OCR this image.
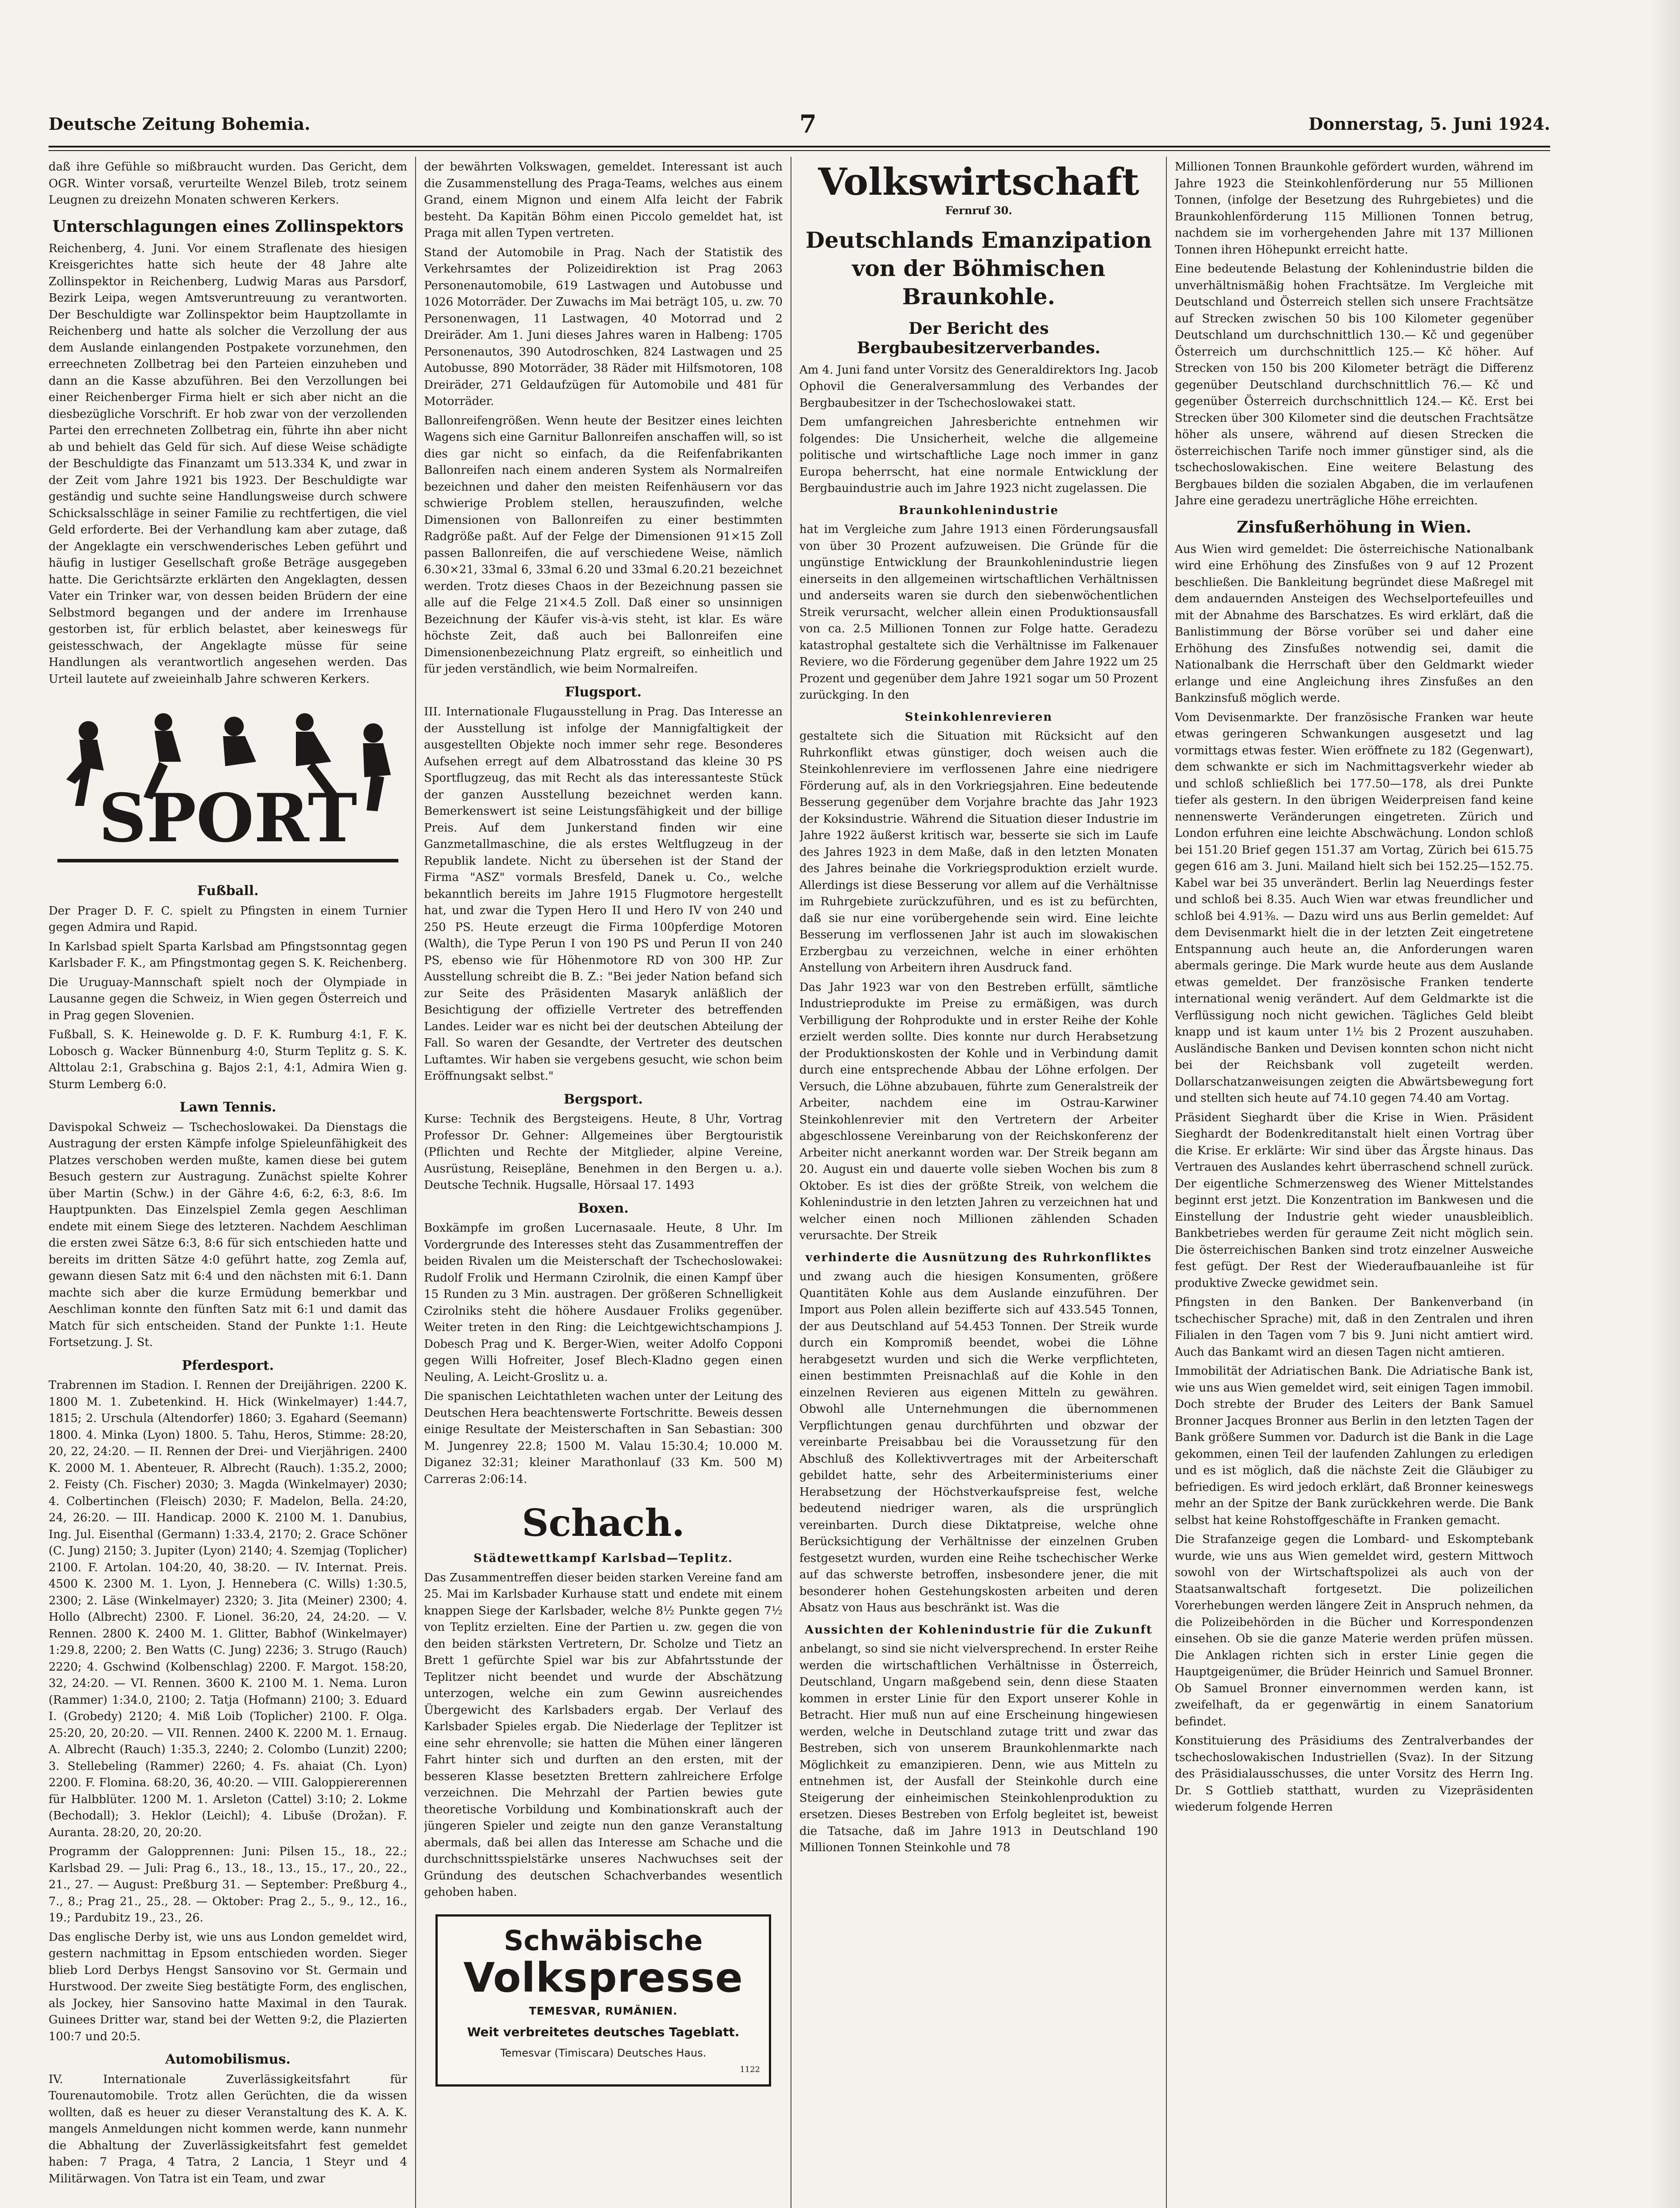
Deutsche Zeitung Bohemia.	7	Donnerstag, 5. Juni 1924.

daß ihre Gefühle so mißbraucht wurden. Das Gericht, dem OGR. Winter vorsaß, verurteilte Wenzel Bileb, trotz seinem Leugnen zu dreizehn Monaten schweren Kerkers.

Unterschlagungen eines Zollinspektors

Reichenberg, 4. Juni. Vor einem Straflenate des hiesigen Kreisgerichtes hatte sich heute der 48 Jahre alte Zollinspektor in Reichenberg, Ludwig Maras aus Parsdorf, Bezirk Leipa, wegen Amtsveruntreuung zu verantworten. Der Beschuldigte war Zollinspektor beim Hauptzollamte in Reichenberg und hatte als solcher die Verzollung der aus dem Auslande einlangenden Postpakete vorzunehmen, den erreechneten Zollbetrag bei den Parteien einzuheben und dann an die Kasse abzuführen. Bei den Verzollungen bei einer Reichenberger Firma hielt er sich aber nicht an die diesbezügliche Vorschrift. Er hob zwar von der verzollenden Partei den errechneten Zollbetrag ein, führte ihn aber nicht ab und behielt das Geld für sich. Auf diese Weise schädigte der Beschuldigte das Finanzamt um 513.334 K, und zwar in der Zeit vom Jahre 1921 bis 1923. Der Beschuldigte war geständig und suchte seine Handlungsweise durch schwere Schicksalsschläge in seiner Familie zu rechtfertigen, die viel Geld erforderte. Bei der Verhandlung kam aber zutage, daß der Angeklagte ein verschwenderisches Leben geführt und häufig in lustiger Gesellschaft große Beträge ausgegeben hatte. Die Gerichtsärzte erklärten den Angeklagten, dessen Vater ein Trinker war, von dessen beiden Brüdern der eine Selbstmord begangen und der andere im Irrenhause gestorben ist, für erblich belastet, aber keineswegs für geistesschwach, der Angeklagte müsse für seine Handlungen als verantwortlich angesehen werden. Das Urteil lautete auf zweieinhalb Jahre schweren Kerkers.

SPORT
Fußball.

Der Prager D. F. C. spielt zu Pfingsten in einem Turnier gegen Admira und Rapid.

In Karlsbad spielt Sparta Karlsbad am Pfingstsonntag gegen Karlsbader F. K., am Pfingstmontag gegen S. K. Reichenberg.

Die Uruguay-Mannschaft spielt noch der Olympiade in Lausanne gegen die Schweiz, in Wien gegen Österreich und in Prag gegen Slovenien.

Fußball, S. K. Heinewolde g. D. F. K. Rumburg 4:1, F. K. Lobosch g. Wacker Bünnenburg 4:0, Sturm Teplitz g. S. K. Alttolau 2:1, Grabschina g. Bajos 2:1, 4:1, Admira Wien g. Sturm Lemberg 6:0.

Lawn Tennis.

Davispokal Schweiz — Tschechoslowakei. Da Dienstags die Austragung der ersten Kämpfe infolge Spieleunfähigkeit des Platzes verschoben werden mußte, kamen diese bei gutem Besuch gestern zur Austragung. Zunächst spielte Kohrer über Martin (Schw.) in der Gähre 4:6, 6:2, 6:3, 8:6. Im Hauptpunkten. Das Einzelspiel Zemla gegen Aeschliman endete mit einem Siege des letzteren. Nachdem Aeschliman die ersten zwei Sätze 6:3, 8:6 für sich entschieden hatte und bereits im dritten Sätze 4:0 geführt hatte, zog Zemla auf, gewann diesen Satz mit 6:4 und den nächsten mit 6:1. Dann machte sich aber die kurze Ermüdung bemerkbar und Aeschliman konnte den fünften Satz mit 6:1 und damit das Match für sich entscheiden. Stand der Punkte 1:1. Heute Fortsetzung. J. St.

Pferdesport.

Trabrennen im Stadion. I. Rennen der Dreijährigen. 2200 K. 1800 M. 1. Zubetenkind. H. Hick (Winkelmayer) 1:44.7, 1815; 2. Urschula (Altendorfer) 1860; 3. Egahard (Seemann) 1800. 4. Minka (Lyon) 1800. 5. Tahu, Heros, Stimme: 28:20, 20, 22, 24:20. — II. Rennen der Drei- und Vierjährigen. 2400 K. 2000 M. 1. Abenteuer, R. Albrecht (Rauch). 1:35.2, 2000; 2. Feisty (Ch. Fischer) 2030; 3. Magda (Winkelmayer) 2030; 4. Colbertinchen (Fleisch) 2030; F. Madelon, Bella. 24:20, 24, 26:20. — III. Handicap. 2000 K. 2100 M. 1. Danubius, Ing. Jul. Eisenthal (Germann) 1:33.4, 2170; 2. Grace Schöner (C. Jung) 2150; 3. Jupiter (Lyon) 2140; 4. Szemjag (Toplicher) 2100. F. Artolan. 104:20, 40, 38:20. — IV. Internat. Preis. 4500 K. 2300 M. 1. Lyon, J. Hennebera (C. Wills) 1:30.5, 2300; 2. Läse (Winkelmayer) 2320; 3. Jita (Meiner) 2300; 4. Hollo (Albrecht) 2300. F. Lionel. 36:20, 24, 24:20. — V. Rennen. 2800 K. 2400 M. 1. Glitter, Babhof (Winkelmayer) 1:29.8, 2200; 2. Ben Watts (C. Jung) 2236; 3. Strugo (Rauch) 2220; 4. Gschwind (Kolbenschlag) 2200. F. Margot. 158:20, 32, 24:20. — VI. Rennen. 3600 K. 2100 M. 1. Nema. Luron (Rammer) 1:34.0, 2100; 2. Tatja (Hofmann) 2100; 3. Eduard I. (Grobedy) 2120; 4. Miß Loib (Toplicher) 2100. F. Olga. 25:20, 20, 20:20. — VII. Rennen. 2400 K. 2200 M. 1. Ernaug. A. Albrecht (Rauch) 1:35.3, 2240; 2. Colombo (Lunzit) 2200; 3. Stellebeling (Rammer) 2260; 4. Fs. ahaiat (Ch. Lyon) 2200. F. Flomina. 68:20, 36, 40:20. — VIII. Galoppiererennen für Halbblüter. 1200 M. 1. Arsleton (Cattel) 3:10; 2. Lokme (Bechodall); 3. Heklor (Leichl); 4. Libuše (Drožan). F. Auranta. 28:20, 20, 20:20.

Programm der Galopprennen: Juni: Pilsen 15., 18., 22.; Karlsbad 29. — Juli: Prag 6., 13., 18., 13., 15., 17., 20., 22., 21., 27. — August: Preßburg 31. — September: Preßburg 4., 7., 8.; Prag 21., 25., 28. — Oktober: Prag 2., 5., 9., 12., 16., 19.; Pardubitz 19., 23., 26.

Das englische Derby ist, wie uns aus London gemeldet wird, gestern nachmittag in Epsom entschieden worden. Sieger blieb Lord Derbys Hengst Sansovino vor St. Germain und Hurstwood. Der zweite Sieg bestätigte Form, des englischen, als Jockey, hier Sansovino hatte Maximal in den Taurak. Guinees Dritter war, stand bei der Wetten 9:2, die Plazierten 100:7 und 20:5.

Automobilismus.

IV. Internationale Zuverlässigkeitsfahrt für Tourenautomobile. Trotz allen Gerüchten, die da wissen wollten, daß es heuer zu dieser Veranstaltung des K. A. K. mangels Anmeldungen nicht kommen werde, kann nunmehr die Abhaltung der Zuverlässigkeitsfahrt fest gemeldet haben: 7 Praga, 4 Tatra, 2 Lancia, 1 Steyr und 4 Militärwagen. Von Tatra ist ein Team, und zwar

der bewährten Volkswagen, gemeldet. Interessant ist auch die Zusammenstellung des Praga-Teams, welches aus einem Grand, einem Mignon und einem Alfa leicht der Fabrik besteht. Da Kapitän Böhm einen Piccolo gemeldet hat, ist Praga mit allen Typen vertreten.

Stand der Automobile in Prag. Nach der Statistik des Verkehrsamtes der Polizeidirektion ist Prag 2063 Personenautomobile, 619 Lastwagen und Autobusse und 1026 Motorräder. Der Zuwachs im Mai beträgt 105, u. zw. 70 Personenwagen, 11 Lastwagen, 40 Motorrad und 2 Dreiräder. Am 1. Juni dieses Jahres waren in Halbeng: 1705 Personenautos, 390 Autodroschken, 824 Lastwagen und 25 Autobusse, 890 Motorräder, 38 Räder mit Hilfsmotoren, 108 Dreiräder, 271 Geldaufzügen für Automobile und 481 für Motorräder.

Ballonreifengrößen. Wenn heute der Besitzer eines leichten Wagens sich eine Garnitur Ballonreifen anschaffen will, so ist dies gar nicht so einfach, da die Reifenfabrikanten Ballonreifen nach einem anderen System als Normalreifen bezeichnen und daher den meisten Reifenhäusern vor das schwierige Problem stellen, herauszufinden, welche Dimensionen von Ballonreifen zu einer bestimmten Radgröße paßt. Auf der Felge der Dimensionen 91×15 Zoll passen Ballonreifen, die auf verschiedene Weise, nämlich 6.30×21, 33mal 6, 33mal 6.20 und 33mal 6.20.21 bezeichnet werden. Trotz dieses Chaos in der Bezeichnung passen sie alle auf die Felge 21×4.5 Zoll. Daß einer so unsinnigen Bezeichnung der Käufer vis-à-vis steht, ist klar. Es wäre höchste Zeit, daß auch bei Ballonreifen eine Dimensionenbezeichnung Platz ergreift, so einheitlich und für jeden verständlich, wie beim Normalreifen.

Flugsport.

III. Internationale Flugausstellung in Prag. Das Interesse an der Ausstellung ist infolge der Mannigfaltigkeit der ausgestellten Objekte noch immer sehr rege. Besonderes Aufsehen erregt auf dem Albatrosstand das kleine 30 PS Sportflugzeug, das mit Recht als das interessanteste Stück der ganzen Ausstellung bezeichnet werden kann. Bemerkenswert ist seine Leistungsfähigkeit und der billige Preis. Auf dem Junkerstand finden wir eine Ganzmetallmaschine, die als erstes Weltflugzeug in der Republik landete. Nicht zu übersehen ist der Stand der Firma "ASZ" vormals Bresfeld, Danek u. Co., welche bekanntlich bereits im Jahre 1915 Flugmotore hergestellt hat, und zwar die Typen Hero II und Hero IV von 240 und 250 PS. Heute erzeugt die Firma 100pferdige Motoren (Walth), die Type Perun I von 190 PS und Perun II von 240 PS, ebenso wie für Höhenmotore RD von 300 HP. Zur Ausstellung schreibt die B. Z.: "Bei jeder Nation befand sich zur Seite des Präsidenten Masaryk anläßlich der Besichtigung der offizielle Vertreter des betreffenden Landes. Leider war es nicht bei der deutschen Abteilung der Fall. So waren der Gesandte, der Vertreter des deutschen Luftamtes. Wir haben sie vergebens gesucht, wie schon beim Eröffnungsakt selbst."

Bergsport.

Kurse: Technik des Bergsteigens. Heute, 8 Uhr, Vortrag Professor Dr. Gehner: Allgemeines über Bergtouristik (Pflichten und Rechte der Mitglieder, alpine Vereine, Ausrüstung, Reisepläne, Benehmen in den Bergen u. a.). Deutsche Technik. Hugsalle, Hörsaal 17. 1493

Boxen.

Boxkämpfe im großen Lucernasaale. Heute, 8 Uhr. Im Vordergrunde des Interesses steht das Zusammentreffen der beiden Rivalen um die Meisterschaft der Tschechoslowakei: Rudolf Frolik und Hermann Czirolnik, die einen Kampf über 15 Runden zu 3 Min. austragen. Der größeren Schnelligkeit Czirolniks steht die höhere Ausdauer Froliks gegenüber. Weiter treten in den Ring: die Leichtgewichtschampions J. Dobesch Prag und K. Berger-Wien, weiter Adolfo Copponi gegen Willi Hofreiter, Josef Blech-Kladno gegen einen Neuling, A. Leicht-Groslitz u. a.

Die spanischen Leichtathleten wachen unter der Leitung des Deutschen Hera beachtenswerte Fortschritte. Beweis dessen einige Resultate der Meisterschaften in San Sebastian: 300 M. Jungenrey 22.8; 1500 M. Valau 15:30.4; 10.000 M. Diganez 32:31; kleiner Marathonlauf (33 Km. 500 M) Carreras 2:06:14.

Schach.
Städtewettkampf Karlsbad—Teplitz.

Das Zusammentreffen dieser beiden starken Vereine fand am 25. Mai im Karlsbader Kurhause statt und endete mit einem knappen Siege der Karlsbader, welche 8½ Punkte gegen 7½ von Teplitz erzielten. Eine der Partien u. zw. gegen die von den beiden stärksten Vertretern, Dr. Scholze und Tietz an Brett 1 gefürchte Spiel war bis zur Abfahrtsstunde der Teplitzer nicht beendet und wurde der Abschätzung unterzogen, welche ein zum Gewinn ausreichendes Übergewicht des Karlsbaders ergab. Der Verlauf des Karlsbader Spieles ergab. Die Niederlage der Teplitzer ist eine sehr ehrenvolle; sie hatten die Mühen einer längeren Fahrt hinter sich und durften an den ersten, mit der besseren Klasse besetzten Brettern zahlreichere Erfolge verzeichnen. Die Mehrzahl der Partien bewies gute theoretische Vorbildung und Kombinationskraft auch der jüngeren Spieler und zeigte nun den ganze Veranstaltung abermals, daß bei allen das Interesse am Schache und die durchschnittsspielstärke unseres Nachwuchses seit der Gründung des deutschen Schachverbandes wesentlich gehoben haben.

Schwäbische
Volkspresse
TEMESVAR, RUMÄNIEN.
Weit verbreitetes deutsches Tageblatt.
Temesvar (Timiscara) Deutsches Haus.
1122
Volkswirtschaft
Fernruf 30.
Deutschlands Emanzipation von der Böhmischen Braunkohle.
Der Bericht des Bergbaubesitzerverbandes.

Am 4. Juni fand unter Vorsitz des Generaldirektors Ing. Jacob Ophovil die Generalversammlung des Verbandes der Bergbaubesitzer in der Tschechoslowakei statt.

Dem umfangreichen Jahresberichte entnehmen wir folgendes: Die Unsicherheit, welche die allgemeine politische und wirtschaftliche Lage noch immer in ganz Europa beherrscht, hat eine normale Entwicklung der Bergbauindustrie auch im Jahre 1923 nicht zugelassen. Die

Braunkohlenindustrie

hat im Vergleiche zum Jahre 1913 einen Förderungsausfall von über 30 Prozent aufzuweisen. Die Gründe für die ungünstige Entwicklung der Braunkohlenindustrie liegen einerseits in den allgemeinen wirtschaftlichen Verhältnissen und anderseits waren sie durch den siebenwöchentlichen Streik verursacht, welcher allein einen Produktionsausfall von ca. 2.5 Millionen Tonnen zur Folge hatte. Geradezu katastrophal gestaltete sich die Verhältnisse im Falkenauer Reviere, wo die Förderung gegenüber dem Jahre 1922 um 25 Prozent und gegenüber dem Jahre 1921 sogar um 50 Prozent zurückging. In den

Steinkohlenrevieren

gestaltete sich die Situation mit Rücksicht auf den Ruhrkonflikt etwas günstiger, doch weisen auch die Steinkohlenreviere im verflossenen Jahre eine niedrigere Förderung auf, als in den Vorkriegsjahren. Eine bedeutende Besserung gegenüber dem Vorjahre brachte das Jahr 1923 der Koksindustrie. Während die Situation dieser Industrie im Jahre 1922 äußerst kritisch war, besserte sie sich im Laufe des Jahres 1923 in dem Maße, daß in den letzten Monaten des Jahres beinahe die Vorkriegsproduktion erzielt wurde. Allerdings ist diese Besserung vor allem auf die Verhältnisse im Ruhrgebiete zurückzuführen, und es ist zu befürchten, daß sie nur eine vorübergehende sein wird. Eine leichte Besserung im verflossenen Jahr ist auch im slowakischen Erzbergbau zu verzeichnen, welche in einer erhöhten Anstellung von Arbeitern ihren Ausdruck fand.

Das Jahr 1923 war von den Bestreben erfüllt, sämtliche Industrieprodukte im Preise zu ermäßigen, was durch Verbilligung der Rohprodukte und in erster Reihe der Kohle erzielt werden sollte. Dies konnte nur durch Herabsetzung der Produktionskosten der Kohle und in Verbindung damit durch eine entsprechende Abbau der Löhne erfolgen. Der Versuch, die Löhne abzubauen, führte zum Generalstreik der Arbeiter, nachdem eine im Ostrau-Karwiner Steinkohlenrevier mit den Vertretern der Arbeiter abgeschlossene Vereinbarung von der Reichskonferenz der Arbeiter nicht anerkannt worden war. Der Streik begann am 20. August ein und dauerte volle sieben Wochen bis zum 8 Oktober. Es ist dies der größte Streik, von welchem die Kohlenindustrie in den letzten Jahren zu verzeichnen hat und welcher einen noch Millionen zählenden Schaden verursachte. Der Streik

verhinderte die Ausnützung des Ruhrkonfliktes

und zwang auch die hiesigen Konsumenten, größere Quantitäten Kohle aus dem Auslande einzuführen. Der Import aus Polen allein bezifferte sich auf 433.545 Tonnen, der aus Deutschland auf 54.453 Tonnen. Der Streik wurde durch ein Kompromiß beendet, wobei die Löhne herabgesetzt wurden und sich die Werke verpflichteten, einen bestimmten Preisnachlaß auf die Kohle in den einzelnen Revieren aus eigenen Mitteln zu gewähren. Obwohl alle Unternehmungen die übernommenen Verpflichtungen genau durchführten und obzwar der vereinbarte Preisabbau bei die Voraussetzung für den Abschluß des Kollektivvertrages mit der Arbeiterschaft gebildet hatte, sehr des Arbeiterministeriums einer Herabsetzung der Höchstverkaufspreise fest, welche bedeutend niedriger waren, als die ursprünglich vereinbarten. Durch diese Diktatpreise, welche ohne Berücksichtigung der Verhältnisse der einzelnen Gruben festgesetzt wurden, wurden eine Reihe tschechischer Werke auf das schwerste betroffen, insbesondere jener, die mit besonderer hohen Gestehungskosten arbeiten und deren Absatz von Haus aus beschränkt ist. Was die

Aussichten der Kohlenindustrie für die Zukunft

anbelangt, so sind sie nicht vielversprechend. In erster Reihe werden die wirtschaftlichen Verhältnisse in Österreich, Deutschland, Ungarn maßgebend sein, denn diese Staaten kommen in erster Linie für den Export unserer Kohle in Betracht. Hier muß nun auf eine Erscheinung hingewiesen werden, welche in Deutschland zutage tritt und zwar das Bestreben, sich von unserem Braunkohlenmarkte nach Möglichkeit zu emanzipieren. Denn, wie aus Mitteln zu entnehmen ist, der Ausfall der Steinkohle durch eine Steigerung der einheimischen Steinkohlenproduktion zu ersetzen. Dieses Bestreben von Erfolg begleitet ist, beweist die Tatsache, daß im Jahre 1913 in Deutschland 190 Millionen Tonnen Steinkohle und 78

Millionen Tonnen Braunkohle gefördert wurden, während im Jahre 1923 die Steinkohlenförderung nur 55 Millionen Tonnen, (infolge der Besetzung des Ruhrgebietes) und die Braunkohlenförderung 115 Millionen Tonnen betrug, nachdem sie im vorhergehenden Jahre mit 137 Millionen Tonnen ihren Höhepunkt erreicht hatte.

Eine bedeutende Belastung der Kohlenindustrie bilden die unverhältnismäßig hohen Frachtsätze. Im Vergleiche mit Deutschland und Österreich stellen sich unsere Frachtsätze auf Strecken zwischen 50 bis 100 Kilometer gegenüber Deutschland um durchschnittlich 130.— Kč und gegenüber Österreich um durchschnittlich 125.— Kč höher. Auf Strecken von 150 bis 200 Kilometer beträgt die Differenz gegenüber Deutschland durchschnittlich 76.— Kč und gegenüber Österreich durchschnittlich 124.— Kč. Erst bei Strecken über 300 Kilometer sind die deutschen Frachtsätze höher als unsere, während auf diesen Strecken die österreichischen Tarife noch immer günstiger sind, als die tschechoslowakischen. Eine weitere Belastung des Bergbaues bilden die sozialen Abgaben, die im verlaufenen Jahre eine geradezu unerträgliche Höhe erreichten.

Zinsfußerhöhung in Wien.

Aus Wien wird gemeldet: Die österreichische Nationalbank wird eine Erhöhung des Zinsfußes von 9 auf 12 Prozent beschließen. Die Bankleitung begründet diese Maßregel mit dem andauernden Ansteigen des Wechselportefeuilles und mit der Abnahme des Barschatzes. Es wird erklärt, daß die Banlistimmung der Börse vorüber sei und daher eine Erhöhung des Zinsfußes notwendig sei, damit die Nationalbank die Herrschaft über den Geldmarkt wieder erlange und eine Angleichung ihres Zinsfußes an den Bankzinsfuß möglich werde.

Vom Devisenmarkte. Der französische Franken war heute etwas geringeren Schwankungen ausgesetzt und lag vormittags etwas fester. Wien eröffnete zu 182 (Gegenwart), dem schwankte er sich im Nachmittagsverkehr wieder ab und schloß schließlich bei 177.50—178, als drei Punkte tiefer als gestern. In den übrigen Weiderpreisen fand keine nennenswerte Veränderungen eingetreten. Zürich und London erfuhren eine leichte Abschwächung. London schloß bei 151.20 Brief gegen 151.37 am Vortag, Zürich bei 615.75 gegen 616 am 3. Juni. Mailand hielt sich bei 152.25—152.75. Kabel war bei 35 unverändert. Berlin lag Neuerdings fester und schloß bei 8.35. Auch Wien war etwas freundlicher und schloß bei 4.91⅜. — Dazu wird uns aus Berlin gemeldet: Auf dem Devisenmarkt hielt die in der letzten Zeit eingetretene Entspannung auch heute an, die Anforderungen waren abermals geringe. Die Mark wurde heute aus dem Auslande etwas gemeldet. Der französische Franken tenderte international wenig verändert. Auf dem Geldmarkte ist die Verflüssigung noch nicht gewichen. Tägliches Geld bleibt knapp und ist kaum unter 1½ bis 2 Prozent auszuhaben. Ausländische Banken und Devisen konnten schon nicht nicht bei der Reichsbank voll zugeteilt werden. Dollarschatzanweisungen zeigten die Abwärtsbewegung fort und stellten sich heute auf 74.10 gegen 74.40 am Vortag.

Präsident Sieghardt über die Krise in Wien. Präsident Sieghardt der Bodenkreditanstalt hielt einen Vortrag über die Krise. Er erklärte: Wir sind über das Ärgste hinaus. Das Vertrauen des Auslandes kehrt überraschend schnell zurück. Der eigentliche Schmerzensweg des Wiener Mittelstandes beginnt erst jetzt. Die Konzentration im Bankwesen und die Einstellung der Industrie geht wieder unausbleiblich. Bankbetriebes werden für geraume Zeit nicht möglich sein. Die österreichischen Banken sind trotz einzelner Ausweiche fest gefügt. Der Rest der Wiederaufbauanleihe ist für produktive Zwecke gewidmet sein.

Pfingsten in den Banken. Der Bankenverband (in tschechischer Sprache) mit, daß in den Zentralen und ihren Filialen in den Tagen vom 7 bis 9. Juni nicht amtiert wird. Auch das Bankamt wird an diesen Tagen nicht amtieren.

Immobilität der Adriatischen Bank. Die Adriatische Bank ist, wie uns aus Wien gemeldet wird, seit einigen Tagen immobil. Doch strebte der Bruder des Leiters der Bank Samuel Bronner Jacques Bronner aus Berlin in den letzten Tagen der Bank größere Summen vor. Dadurch ist die Bank in die Lage gekommen, einen Teil der laufenden Zahlungen zu erledigen und es ist möglich, daß die nächste Zeit die Gläubiger zu befriedigen. Es wird jedoch erklärt, daß Bronner keineswegs mehr an der Spitze der Bank zurückkehren werde. Die Bank selbst hat keine Rohstoffgeschäfte in Franken gemacht.

Die Strafanzeige gegen die Lombard- und Eskomptebank wurde, wie uns aus Wien gemeldet wird, gestern Mittwoch sowohl von der Wirtschaftspolizei als auch von der Staatsanwaltschaft fortgesetzt. Die polizeilichen Vorerhebungen werden längere Zeit in Anspruch nehmen, da die Polizeibehörden in die Bücher und Korrespondenzen einsehen. Ob sie die ganze Materie werden prüfen müssen. Die Anklagen richten sich in erster Linie gegen die Hauptgeigenümer, die Brüder Heinrich und Samuel Bronner. Ob Samuel Bronner einvernommen werden kann, ist zweifelhaft, da er gegenwärtig in einem Sanatorium befindet.

Konstituierung des Präsidiums des Zentralverbandes der tschechoslowakischen Industriellen (Svaz). In der Sitzung des Präsidialausschusses, die unter Vorsitz des Herrn Ing. Dr. S Gottlieb statthatt, wurden zu Vizepräsidenten wiederum folgende Herren
